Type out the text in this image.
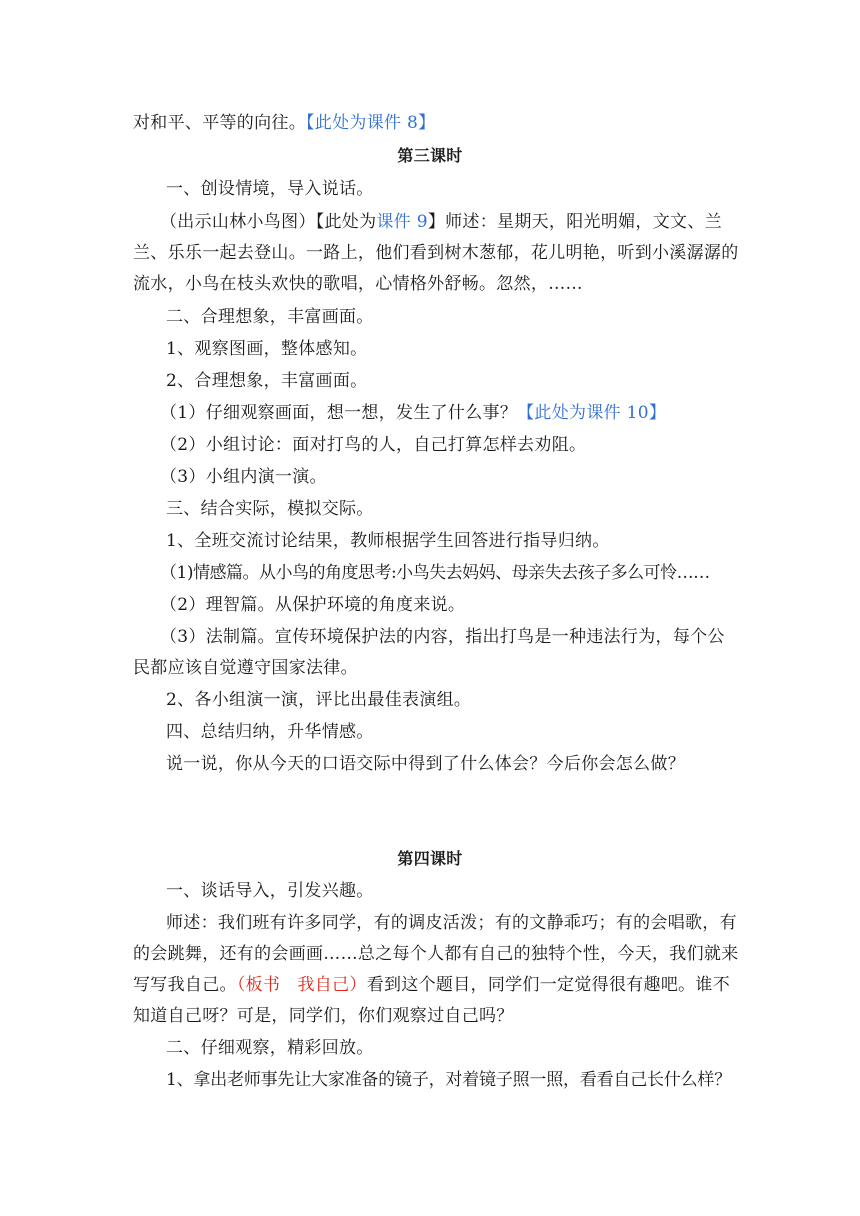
对和平、平等的向往。【此处为课件 8】
第三课时
一、创设情境，导入说话。
（出示山林小鸟图）【此处为课件 9】师述：星期天，阳光明媚，文文、兰
兰、乐乐一起去登山。一路上，他们看到树木葱郁，花儿明艳，听到小溪潺潺的
流水，小鸟在枝头欢快的歌唱，心情格外舒畅。忽然，……
二、合理想象，丰富画面。
1、观察图画，整体感知。
2、合理想象，丰富画面。
（1）仔细观察画面，想一想，发生了什么事？【此处为课件 10】
（2）小组讨论：面对打鸟的人，自己打算怎样去劝阻。
（3）小组内演一演。
三、结合实际，模拟交际。
1、全班交流讨论结果，教师根据学生回答进行指导归纳。
（1)情感篇。从小鸟的角度思考:小鸟失去妈妈、母亲失去孩子多么可怜……
（2）理智篇。从保护环境的角度来说。
（3）法制篇。宣传环境保护法的内容，指出打鸟是一种违法行为，每个公
民都应该自觉遵守国家法律。
2、各小组演一演，评比出最佳表演组。
四、总结归纳，升华情感。
说一说，你从今天的口语交际中得到了什么体会？今后你会怎么做？
第四课时
一、谈话导入，引发兴趣。
师述：我们班有许多同学，有的调皮活泼；有的文静乖巧；有的会唱歌，有
的会跳舞，还有的会画画……总之每个人都有自己的独特个性，今天，我们就来
写写我自己。（板书　我自己）看到这个题目，同学们一定觉得很有趣吧。谁不
知道自己呀？可是，同学们，你们观察过自己吗？
二、仔细观察，精彩回放。
1、拿出老师事先让大家准备的镜子，对着镜子照一照，看看自己长什么样？
